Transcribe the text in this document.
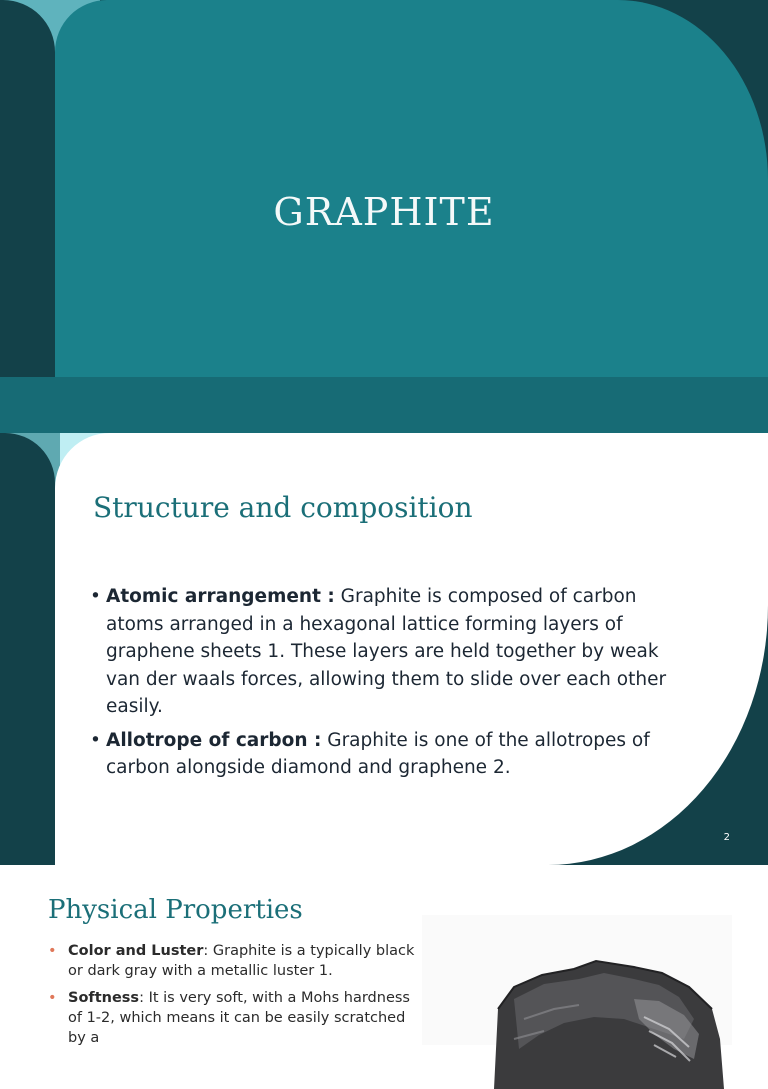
GRAPHITE
Structure and composition
• Atomic arrangement : Graphite is composed of carbon atoms arranged in a hexagonal lattice forming layers of graphene sheets 1. These layers are held together by weak van der waals forces, allowing them to slide over each other easily.
• Allotrope of carbon : Graphite is one of the allotropes of carbon alongside diamond and graphene 2.
2
Physical Properties
• Color and Luster: Graphite is a typically black or dark gray with a metallic luster 1.
• Softness: It is very soft, with a Mohs hardness of 1-2, which means it can be easily scratched by a
